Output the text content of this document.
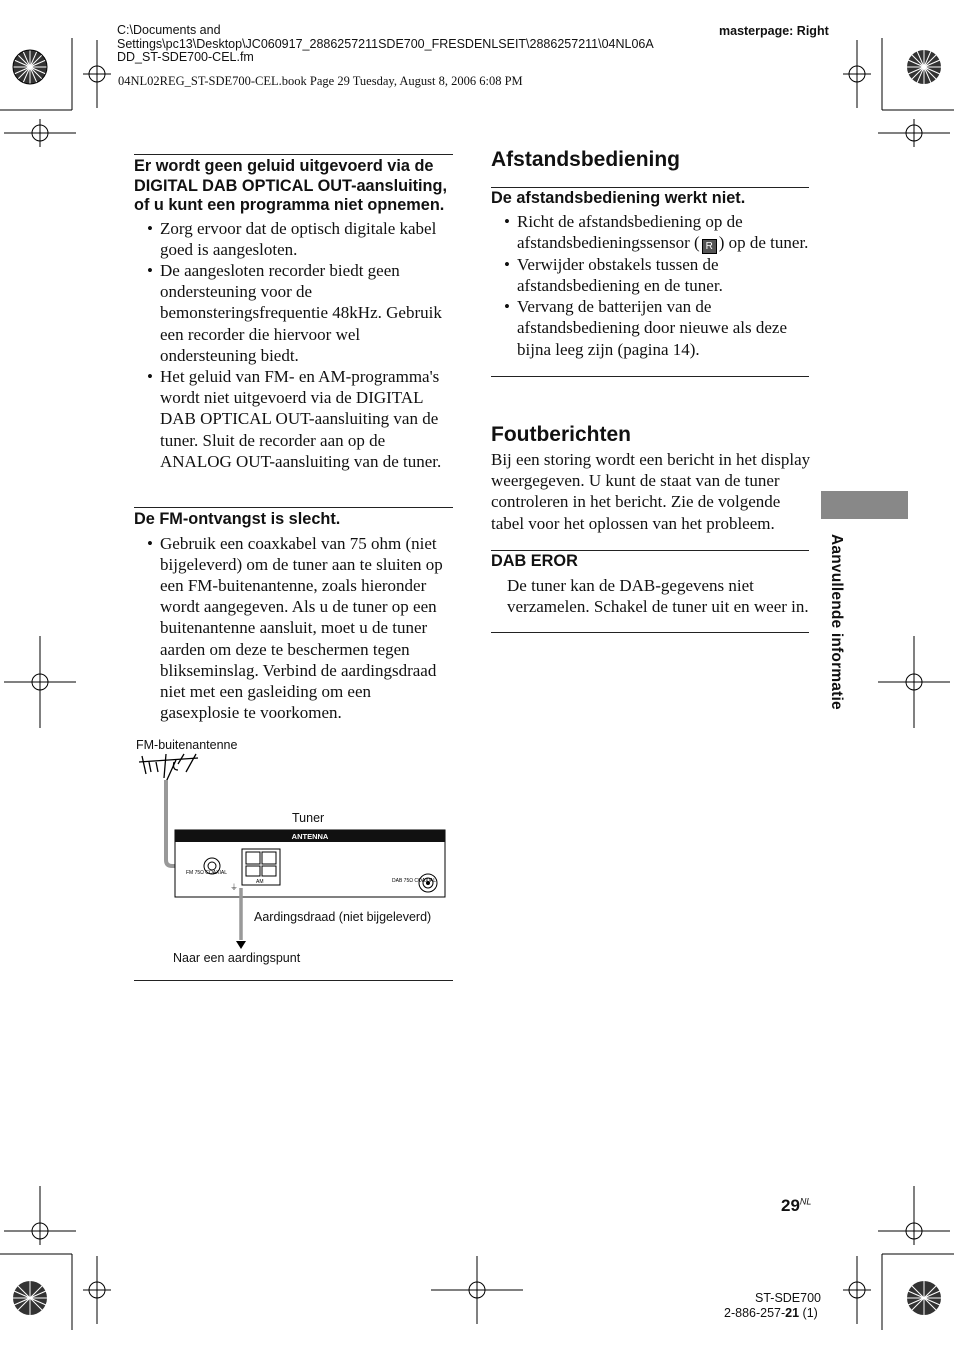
C:\Documents and
Settings\pc13\Desktop\JC060917_2886257211SDE700_FRESDENLSEIT\2886257211\04NL06A
DD_ST-SDE700-CEL.fm
masterpage: Right
04NL02REG_ST-SDE700-CEL.book Page 29 Tuesday, August 8, 2006 6:08 PM
Er wordt geen geluid uitgevoerd via de DIGITAL DAB OPTICAL OUT-aansluiting, of u kunt een programma niet opnemen.
• Zorg ervoor dat de optisch digitale kabel goed is aangesloten.
• De aangesloten recorder biedt geen ondersteuning voor de bemonsteringsfrequentie 48kHz. Gebruik een recorder die hiervoor wel ondersteuning biedt.
• Het geluid van FM- en AM-programma's wordt niet uitgevoerd via de DIGITAL DAB OPTICAL OUT-aansluiting van de tuner. Sluit de recorder aan op de ANALOG OUT-aansluiting van de tuner.
De FM-ontvangst is slecht.
• Gebruik een coaxkabel van 75 ohm (niet bijgeleverd) om de tuner aan te sluiten op een FM-buitenantenne, zoals hieronder wordt aangegeven. Als u de tuner op een buitenantenne aansluit, moet u de tuner aarden om deze te beschermen tegen blikseminslag. Verbind de aardingsdraad niet met een gasleiding om een gasexplosie te voorkomen.
FM-buitenantenne
Tuner
Aardingsdraad (niet bijgeleverd)
Naar een aardingspunt
ANTENNA
FM 75Ω COAXIAL
AM
⏚
DAB 75Ω COAXIAL
Afstandsbediening
De afstandsbediening werkt niet.
• Richt de afstandsbediening op de afstandsbedieningssensor ( R ) op de tuner.
• Verwijder obstakels tussen de afstandsbediening en de tuner.
• Vervang de batterijen van de afstandsbediening door nieuwe als deze bijna leeg zijn (pagina 14).
Foutberichten

Bij een storing wordt een bericht in het display weergegeven. U kunt de staat van de tuner controleren in het bericht. Zie de volgende tabel voor het oplossen van het probleem.

DAB EROR

De tuner kan de DAB-gegevens niet verzamelen. Schakel de tuner uit en weer in. Aanvullende informatie
$29^{NL}$
ST-SDE700
2-886-257-21 (1)
